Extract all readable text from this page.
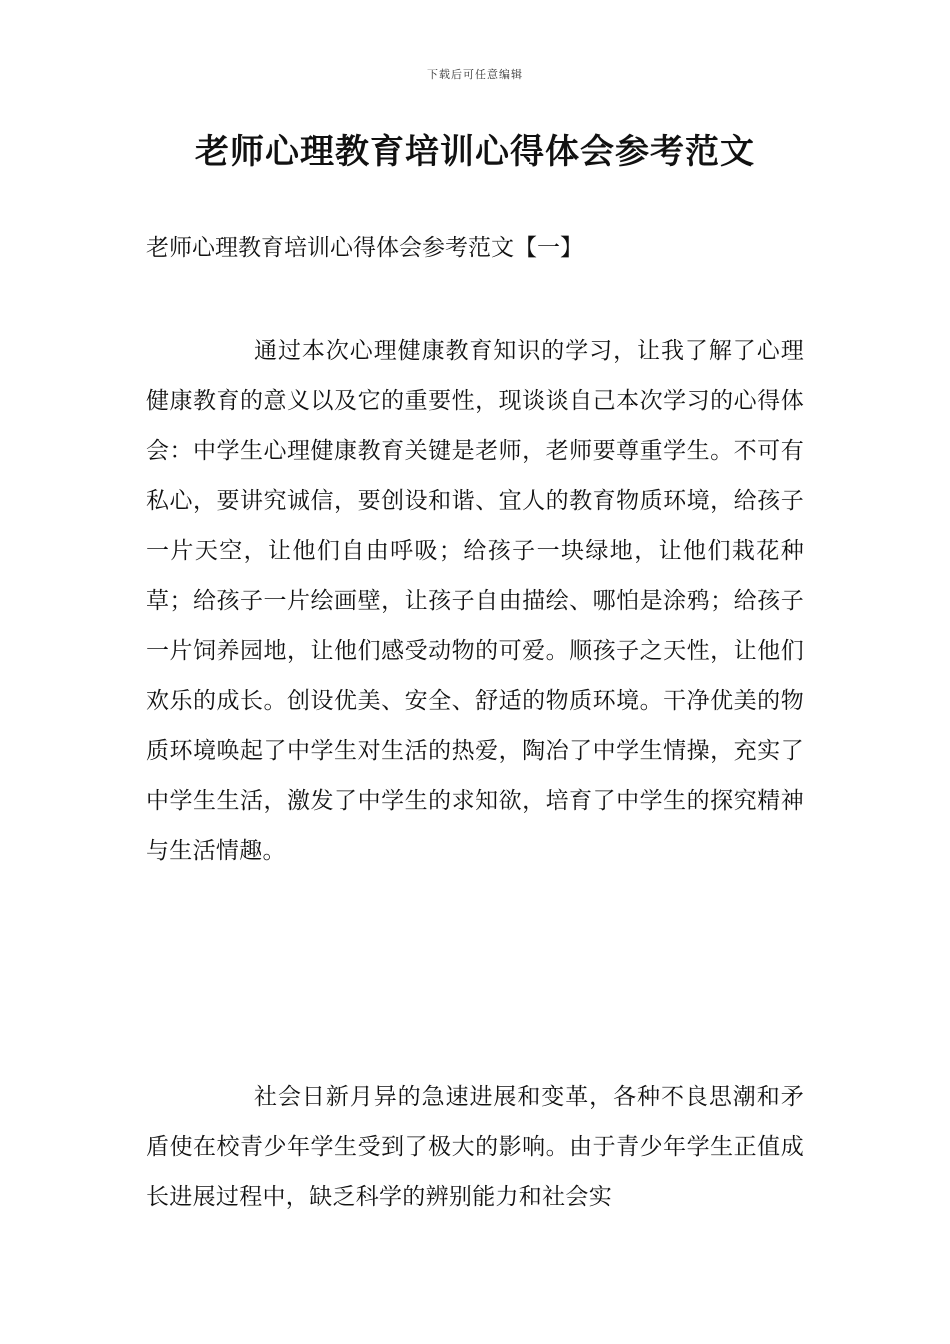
下载后可任意编辑
老师心理教育培训心得体会参考范文
老师心理教育培训心得体会参考范文【一】

通过本次心理健康教育知识的学习，让我了解了心理健康教育的意义以及它的重要性，现谈谈自己本次学习的心得体会：中学生心理健康教育关键是老师，老师要尊重学生。不可有私心，要讲究诚信，要创设和谐、宜人的教育物质环境，给孩子一片天空，让他们自由呼吸；给孩子一块绿地，让他们栽花种草；给孩子一片绘画壁，让孩子自由描绘、哪怕是涂鸦；给孩子一片饲养园地，让他们感受动物的可爱。顺孩子之天性，让他们欢乐的成长。创设优美、安全、舒适的物质环境。干净优美的物质环境唤起了中学生对生活的热爱，陶冶了中学生情操，充实了中学生生活，激发了中学生的求知欲，培育了中学生的探究精神与生活情趣。

社会日新月异的急速进展和变革，各种不良思潮和矛盾使在校青少年学生受到了极大的影响。由于青少年学生正值成长进展过程中，缺乏科学的辨别能力和社会实
